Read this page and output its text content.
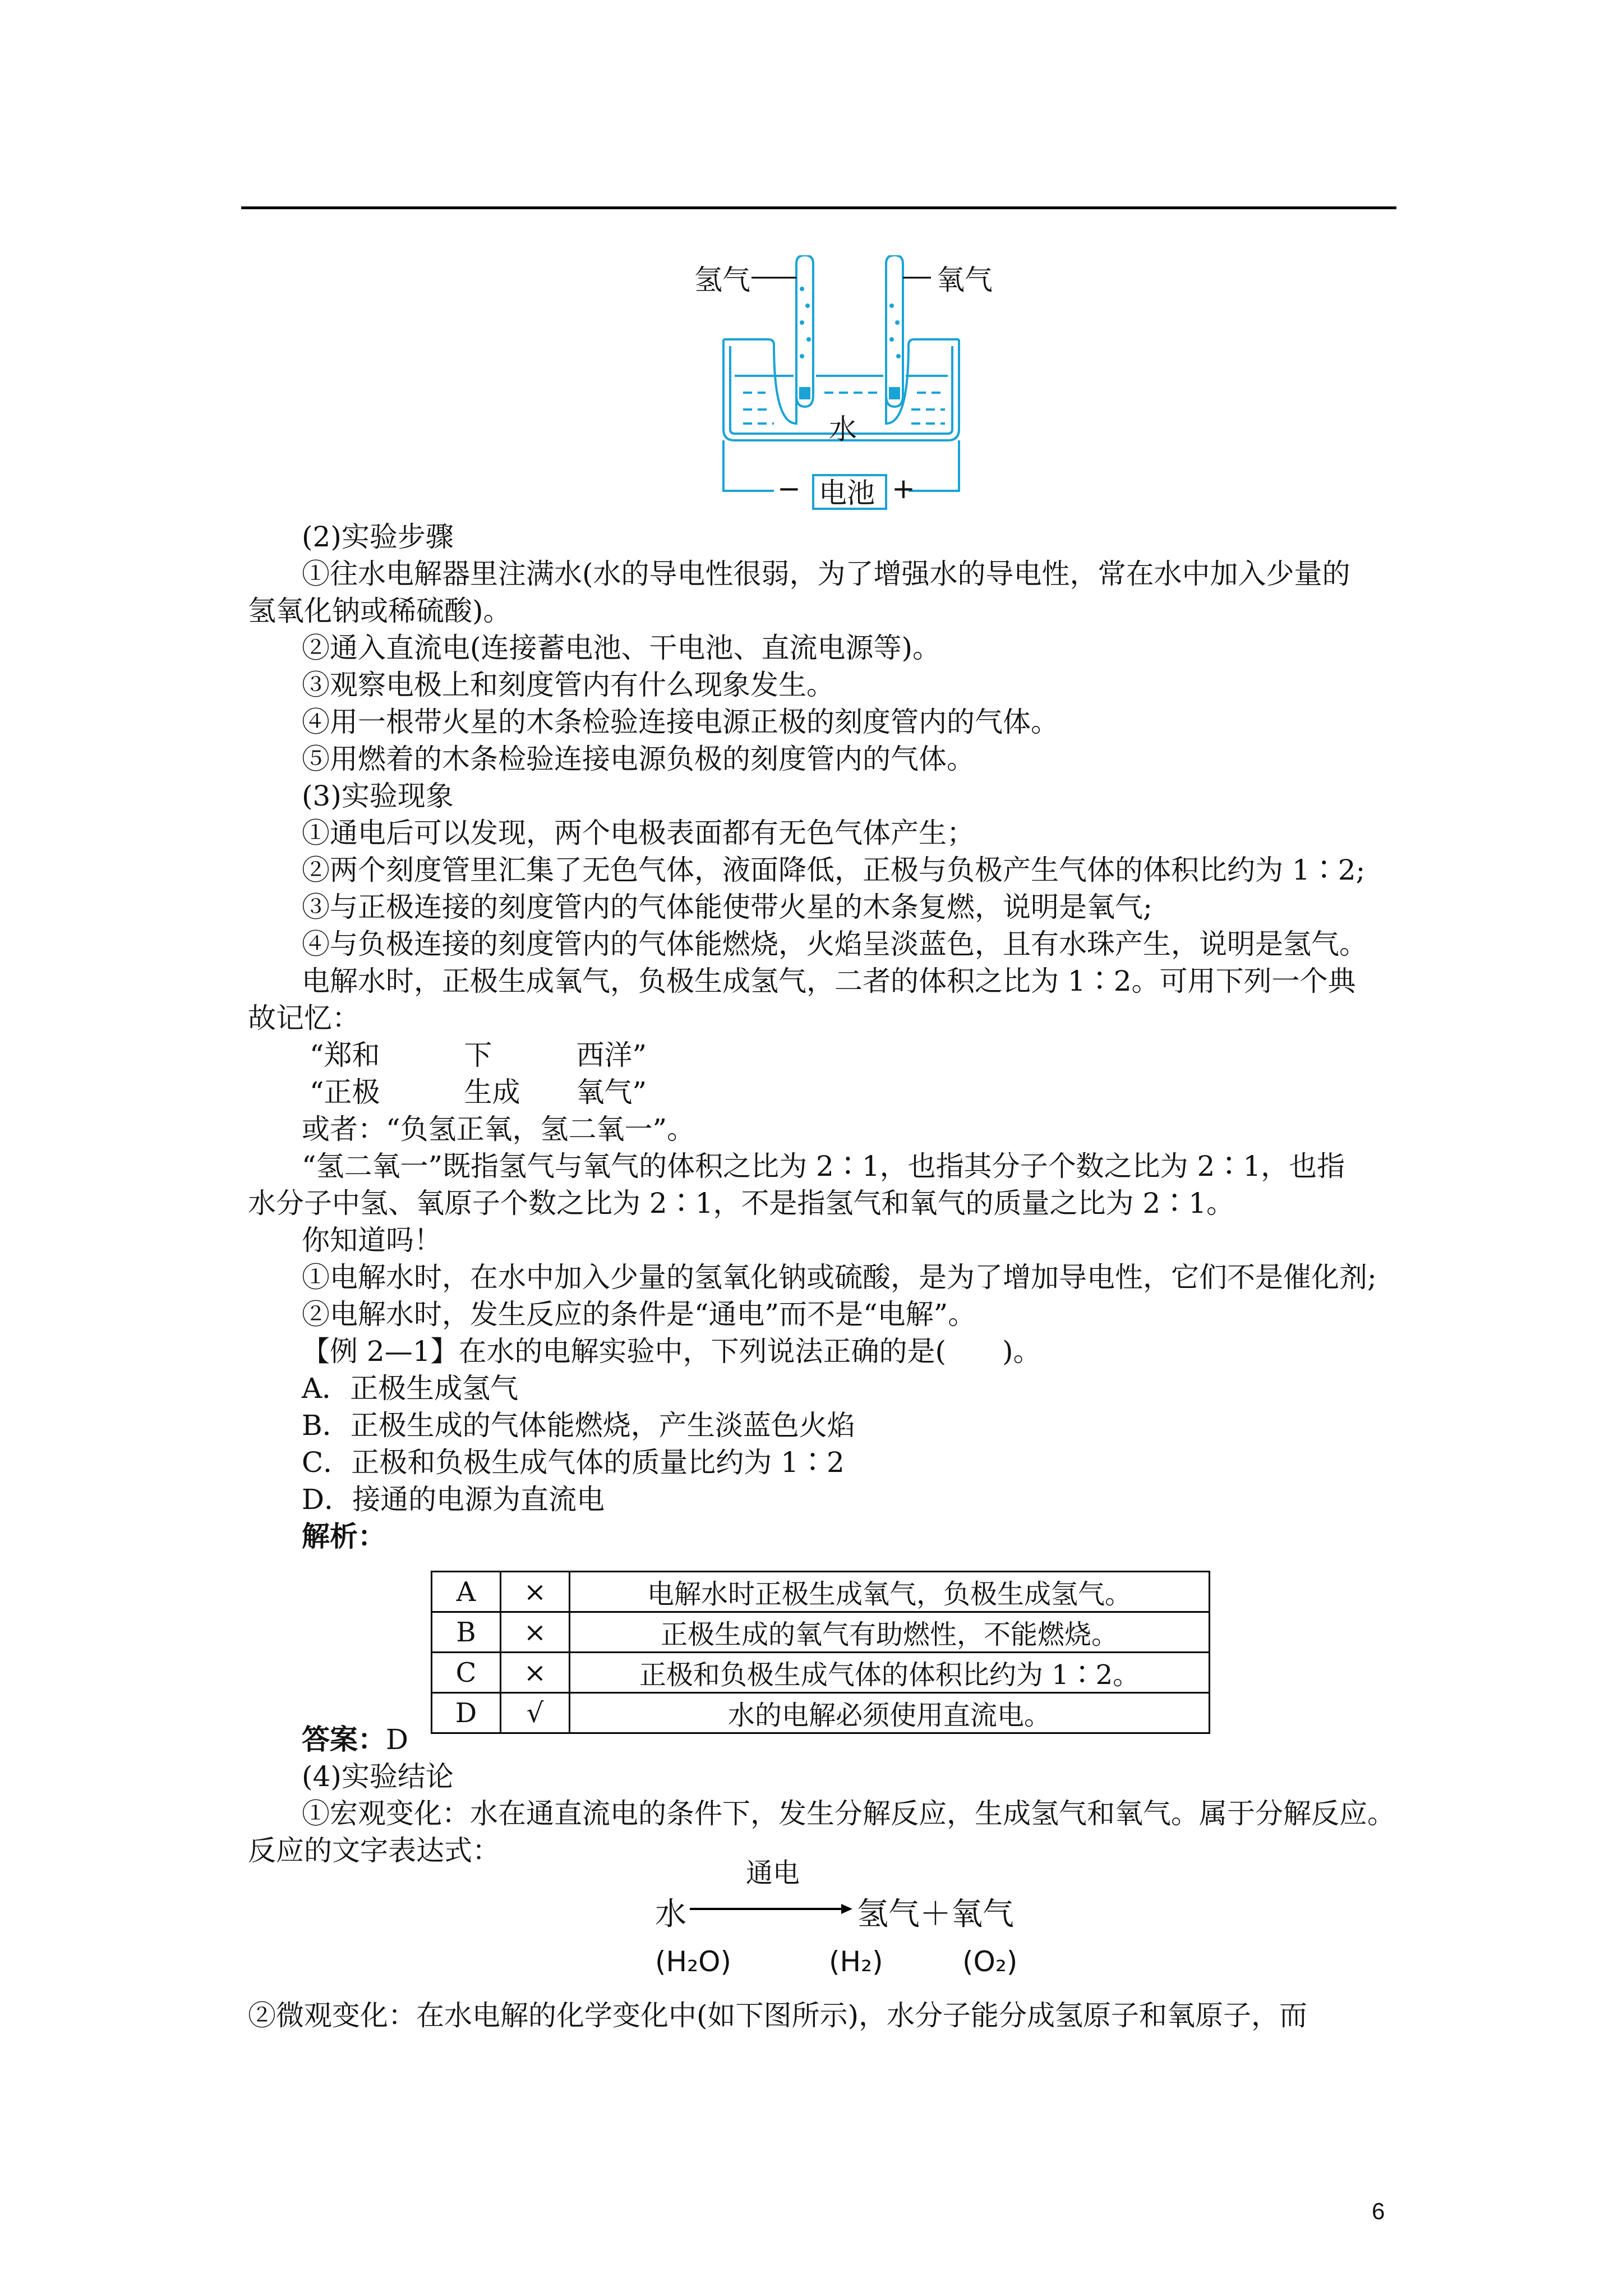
氢气	氧气
水
− 电池 +
(2)实验步骤
①往水电解器里注满水(水的导电性很弱，为了增强水的导电性，常在水中加入少量的
氢氧化钠或稀硫酸)。
②通入直流电(连接蓄电池、干电池、直流电源等)。
③观察电极上和刻度管内有什么现象发生。
④用一根带火星的木条检验连接电源正极的刻度管内的气体。
⑤用燃着的木条检验连接电源负极的刻度管内的气体。
(3)实验现象
①通电后可以发现，两个电极表面都有无色气体产生；
②两个刻度管里汇集了无色气体，液面降低，正极与负极产生气体的体积比约为 1∶2;
③与正极连接的刻度管内的气体能使带火星的木条复燃，说明是氧气;
④与负极连接的刻度管内的气体能燃烧，火焰呈淡蓝色，且有水珠产生，说明是氢气。
电解水时，正极生成氧气，负极生成氢气，二者的体积之比为 1∶2。可用下列一个典
故记忆：
“郑和　　　下　　　西洋”
“正极　　　生成　　氧气”
或者：“负氢正氧，氢二氧一”。
“氢二氧一”既指氢气与氧气的体积之比为 2∶1，也指其分子个数之比为 2∶1，也指
水分子中氢、氧原子个数之比为 2∶1，不是指氢气和氧气的质量之比为 2∶1。
你知道吗！
①电解水时，在水中加入少量的氢氧化钠或硫酸，是为了增加导电性，它们不是催化剂;
②电解水时，发生反应的条件是“通电”而不是“电解”。
【例 2—1】在水的电解实验中，下列说法正确的是(　　)。
A．正极生成氢气
B．正极生成的气体能燃烧，产生淡蓝色火焰
C．正极和负极生成气体的质量比约为 1∶2
D．接通的电源为直流电
解析：
A	×	电解水时正极生成氧气，负极生成氢气。
B	×	正极生成的氧气有助燃性，不能燃烧。
C	×	正极和负极生成气体的体积比约为 1∶2。
D	√	水的电解必须使用直流电。
答案：D
(4)实验结论
①宏观变化：水在通直流电的条件下，发生分解反应，生成氢气和氧气。属于分解反应。
反应的文字表达式：
水
通电
氢气＋氧气
(H₂O)	(H₂)	(O₂)
②微观变化：在水电解的化学变化中(如下图所示)，水分子能分成氢原子和氧原子，而
6
